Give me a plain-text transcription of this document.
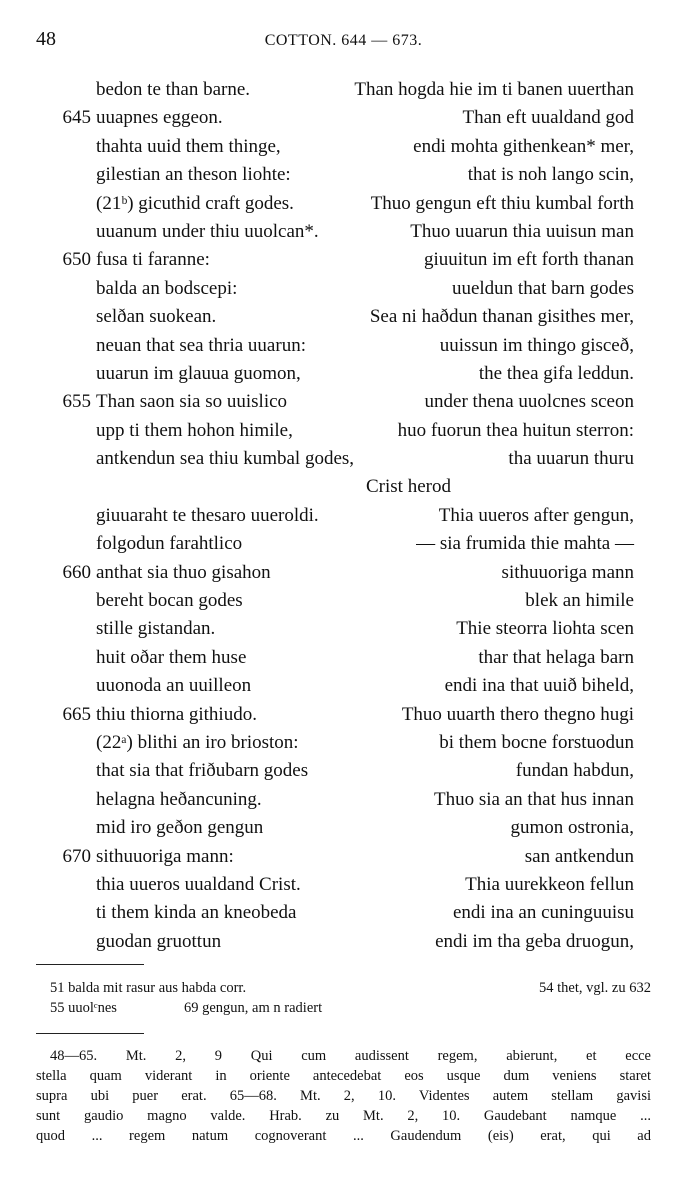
48	COTTON. 644 — 673.
bedon te than barne.	Than hogda hie im ti banen uuerthan
645 uuapnes eggeon.	Than eft uualdand god
thahta uuid them thinge,	endi mohta githenkean* mer,
gilestian an theson liohte:	that is noh lango scin,
(21ᵇ) gicuthid craft godes.	Thuo gengun eft thiu kumbal forth
uuanum under thiu uuolcan*.	Thuo uuarun thia uuisun man
650 fusa ti faranne:	giuuitun im eft forth thanan
balda an bodscepi:	uueldun that barn godes
selðan suokean.	Sea ni haðdun thanan gisithes mer,
neuan that sea thria uuarun:	uuissun im thingo gisceð,
uuarun im glauua guomon,	the thea gifa leddun.
655 Than saon sia so uuislico	under thena uuolcnes sceon
upp ti them hohon himile,	huo fuorun thea huitun sterron:
antkendun sea thiu kumbal godes,	tha uuarun thuru
Crist herod
giuuaraht te thesaro uueroldi.	Thia uueros after gengun,
folgodun farahtlico	— sia frumida thie mahta —
660 anthat sia thuo gisahon	sithuuoriga mann
bereht bocan godes	blek an himile
stille gistandan.	Thie steorra liohta scen
huit oðar them huse	thar that helaga barn
uuonoda an uuilleon	endi ina that uuið biheld,
665 thiu thiorna githiudo.	Thuo uuarth thero thegno hugi
(22ᵃ) blithi an iro brioston:	bi them bocne forstuodun
that sia that friðubarn godes	fundan habdun,
helagna heðancuning.	Thuo sia an that hus innan
mid iro geðon gengun	gumon ostronia,
670 sithuuoriga mann:	san antkendun
thia uueros uualdand Crist.	Thia uurekkeon fellun
ti them kinda an kneobeda	endi ina an cuninguuisu
guodan gruottun	endi im tha geba druogun,
51 balda mit rasur aus habda corr.	54 thet, vgl. zu 632
55 uuolᶜnes	69 gengun, am n radiert
48—65. Mt. 2, 9 Qui cum audissent regem, abierunt, et ecce
stella quam viderant in oriente antecedebat eos usque dum veniens staret
supra ubi puer erat. 65—68. Mt. 2, 10. Videntes autem stellam gavisi
sunt gaudio magno valde. Hrab. zu Mt. 2, 10. Gaudebant namque ...
quod ... regem natum cognoverant ... Gaudendum (eis) erat, qui ad
